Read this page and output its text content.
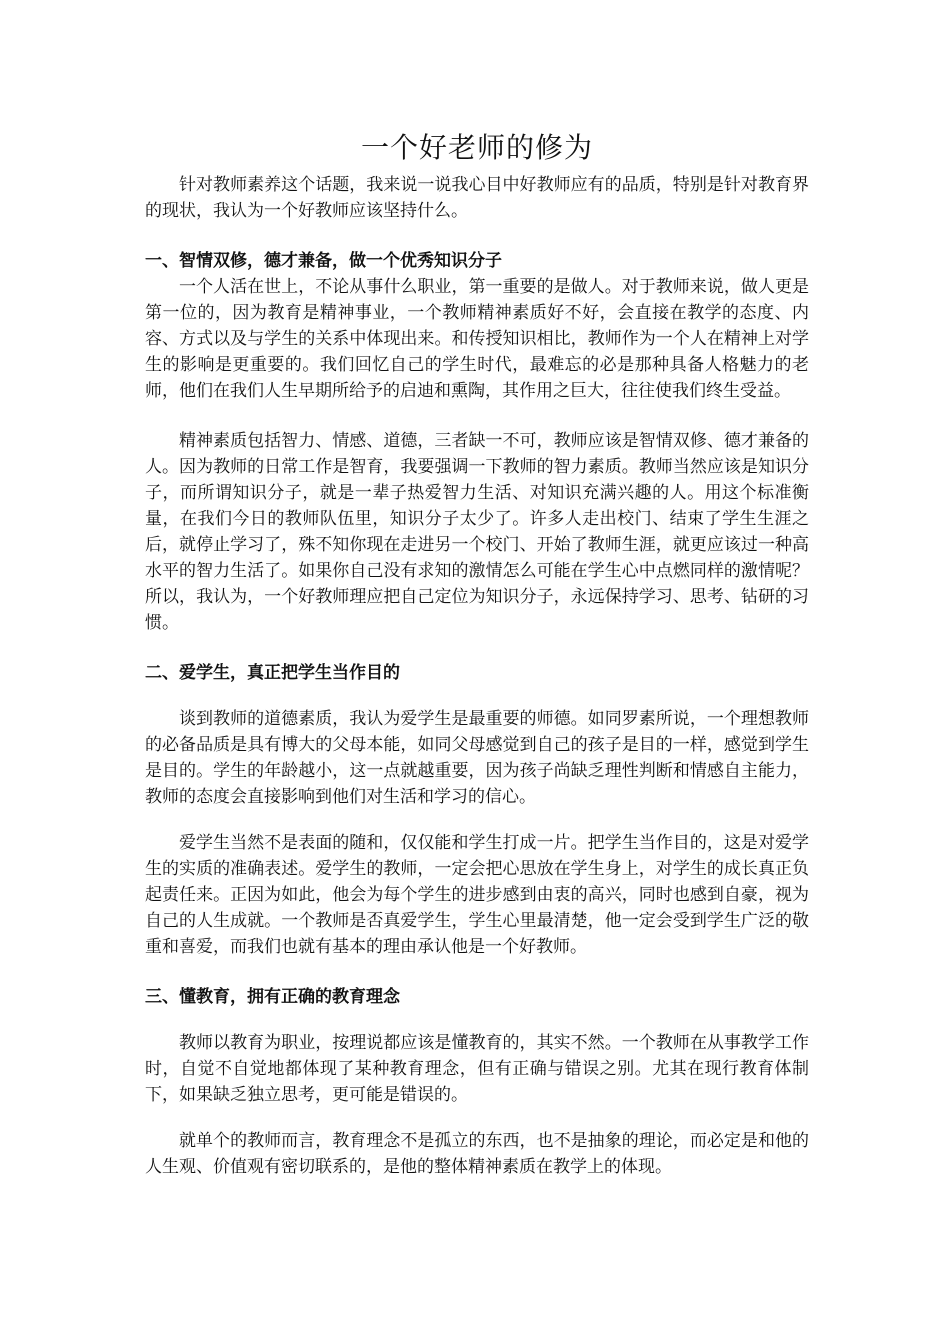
一个好老师的修为

针对教师素养这个话题，我来说一说我心目中好教师应有的品质，特别是针对教育界的现状，我认为一个好教师应该坚持什么。

一、智情双修，德才兼备，做一个优秀知识分子

一个人活在世上，不论从事什么职业，第一重要的是做人。对于教师来说，做人更是第一位的，因为教育是精神事业，一个教师精神素质好不好，会直接在教学的态度、内容、方式以及与学生的关系中体现出来。和传授知识相比，教师作为一个人在精神上对学生的影响是更重要的。我们回忆自己的学生时代，最难忘的必是那种具备人格魅力的老师，他们在我们人生早期所给予的启迪和熏陶，其作用之巨大，往往使我们终生受益。

精神素质包括智力、情感、道德，三者缺一不可，教师应该是智情双修、德才兼备的人。因为教师的日常工作是智育，我要强调一下教师的智力素质。教师当然应该是知识分子，而所谓知识分子，就是一辈子热爱智力生活、对知识充满兴趣的人。用这个标准衡量，在我们今日的教师队伍里，知识分子太少了。许多人走出校门、结束了学生生涯之后，就停止学习了，殊不知你现在走进另一个校门、开始了教师生涯，就更应该过一种高水平的智力生活了。如果你自己没有求知的激情怎么可能在学生心中点燃同样的激情呢？所以，我认为，一个好教师理应把自己定位为知识分子，永远保持学习、思考、钻研的习惯。

二、爱学生，真正把学生当作目的

谈到教师的道德素质，我认为爱学生是最重要的师德。如同罗素所说，一个理想教师的必备品质是具有博大的父母本能，如同父母感觉到自己的孩子是目的一样，感觉到学生是目的。学生的年龄越小，这一点就越重要，因为孩子尚缺乏理性判断和情感自主能力，教师的态度会直接影响到他们对生活和学习的信心。

爱学生当然不是表面的随和，仅仅能和学生打成一片。把学生当作目的，这是对爱学生的实质的准确表述。爱学生的教师，一定会把心思放在学生身上，对学生的成长真正负起责任来。正因为如此，他会为每个学生的进步感到由衷的高兴，同时也感到自豪，视为自己的人生成就。一个教师是否真爱学生，学生心里最清楚，他一定会受到学生广泛的敬重和喜爱，而我们也就有基本的理由承认他是一个好教师。

三、懂教育，拥有正确的教育理念

教师以教育为职业，按理说都应该是懂教育的，其实不然。一个教师在从事教学工作时，自觉不自觉地都体现了某种教育理念，但有正确与错误之别。尤其在现行教育体制下，如果缺乏独立思考，更可能是错误的。

就单个的教师而言，教育理念不是孤立的东西，也不是抽象的理论，而必定是和他的人生观、价值观有密切联系的，是他的整体精神素质在教学上的体现。
